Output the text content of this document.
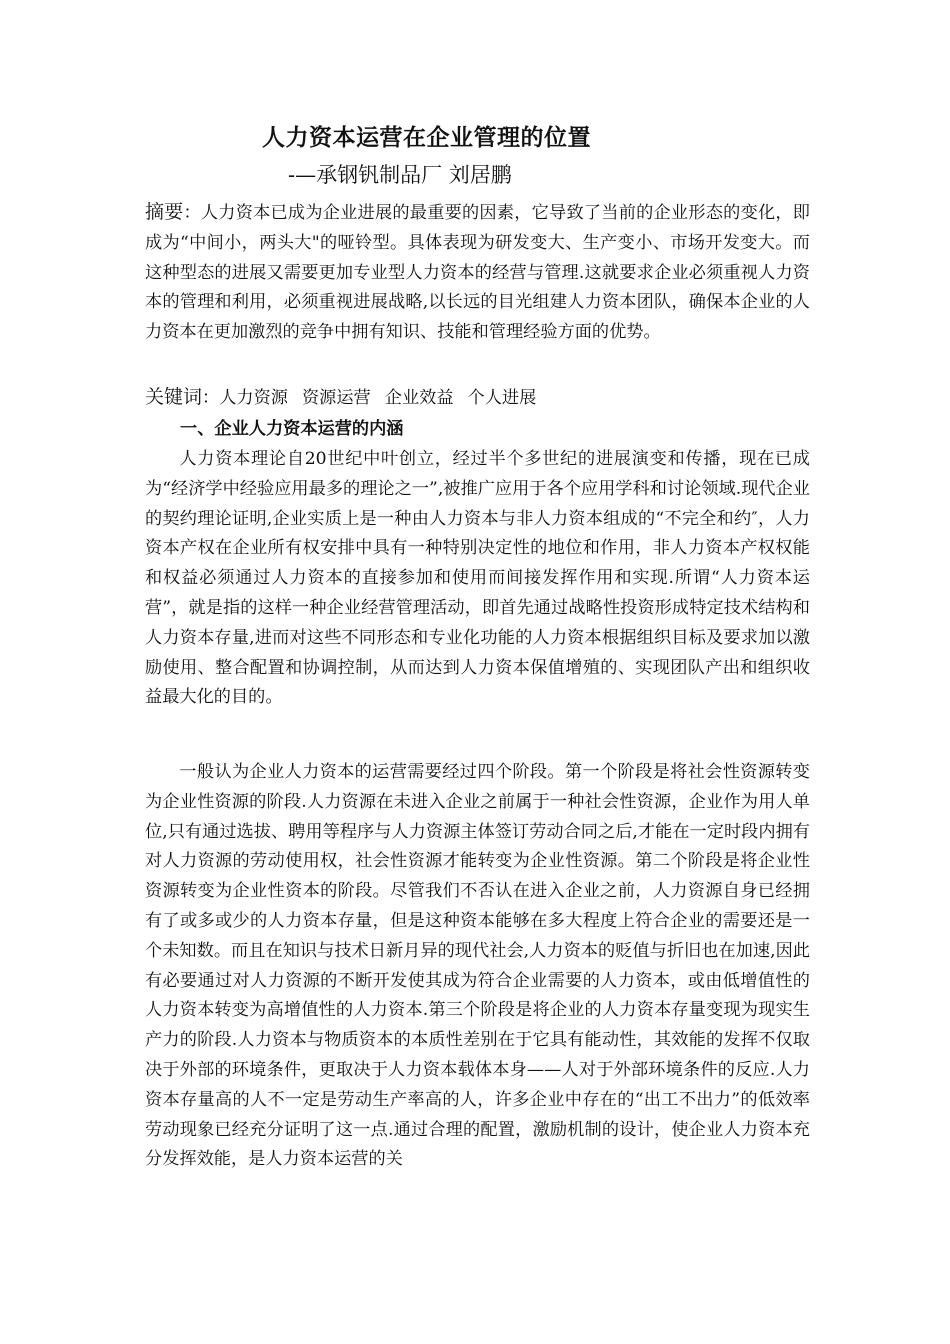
人力资本运营在企业管理的位置
-—承钢钒制品厂 刘居鹏
摘要：人力资本已成为企业进展的最重要的因素，它导致了当前的企业形态的变化，即成为“中间小，两头大"的哑铃型。具体表现为研发变大、生产变小、市场开发变大。而这种型态的进展又需要更加专业型人力资本的经营与管理.这就要求企业必须重视人力资本的管理和利用，必须重视进展战略,以长远的目光组建人力资本团队，确保本企业的人力资本在更加激烈的竞争中拥有知识、技能和管理经验方面的优势。
关键词：人力资源 资源运营 企业效益 个人进展
一、企业人力资本运营的内涵

人力资本理论自20世纪中叶创立，经过半个多世纪的进展演变和传播，现在已成为“经济学中经验应用最多的理论之一”,被推广应用于各个应用学科和讨论领域.现代企业的契约理论证明,企业实质上是一种由人力资本与非人力资本组成的“不完全和约″，人力资本产权在企业所有权安排中具有一种特别决定性的地位和作用，非人力资本产权权能和权益必须通过人力资本的直接参加和使用而间接发挥作用和实现.所谓“人力资本运营”，就是指的这样一种企业经营管理活动，即首先通过战略性投资形成特定技术结构和人力资本存量,进而对这些不同形态和专业化功能的人力资本根据组织目标及要求加以激励使用、整合配置和协调控制，从而达到人力资本保值增殖的、实现团队产出和组织收益最大化的目的。

一般认为企业人力资本的运营需要经过四个阶段。第一个阶段是将社会性资源转变为企业性资源的阶段.人力资源在未进入企业之前属于一种社会性资源，企业作为用人单位,只有通过选拔、聘用等程序与人力资源主体签订劳动合同之后,才能在一定时段内拥有对人力资源的劳动使用权，社会性资源才能转变为企业性资源。第二个阶段是将企业性资源转变为企业性资本的阶段。尽管我们不否认在进入企业之前，人力资源自身已经拥有了或多或少的人力资本存量，但是这种资本能够在多大程度上符合企业的需要还是一个未知数。而且在知识与技术日新月异的现代社会,人力资本的贬值与折旧也在加速,因此有必要通过对人力资源的不断开发使其成为符合企业需要的人力资本，或由低增值性的人力资本转变为高增值性的人力资本.第三个阶段是将企业的人力资本存量变现为现实生产力的阶段.人力资本与物质资本的本质性差别在于它具有能动性，其效能的发挥不仅取决于外部的环境条件，更取决于人力资本载体本身——人对于外部环境条件的反应.人力资本存量高的人不一定是劳动生产率高的人，许多企业中存在的“出工不出力”的低效率劳动现象已经充分证明了这一点.通过合理的配置，激励机制的设计，使企业人力资本充分发挥效能，是人力资本运营的关
